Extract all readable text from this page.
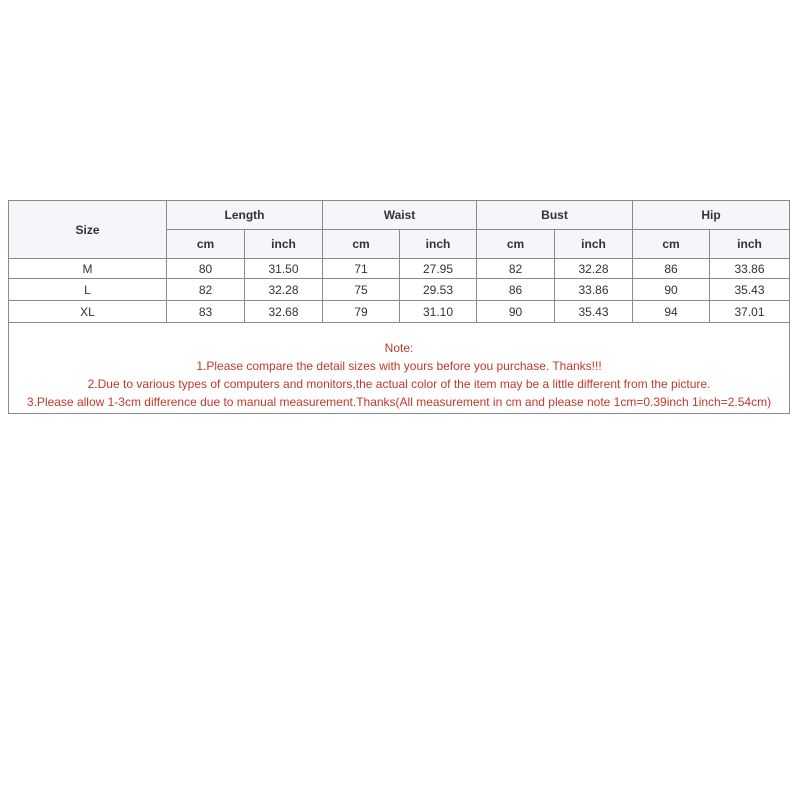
Size	Length		Waist		Bust		Hip	
	cm	inch	cm	inch	cm	inch	cm	inch
M	80	31.50	71	27.95	82	32.28	86	33.86
L	82	32.28	75	29.53	86	33.86	90	35.43
XL	83	32.68	79	31.10	90	35.43	94	37.01

Note:
1.Please compare the detail sizes with yours before you purchase. Thanks!!!
2.Due to various types of computers and monitors,the actual color of the item may be a little different from the picture.
3.Please allow 1-3cm difference due to manual measurement.Thanks(All measurement in cm and please note 1cm=0.39inch 1inch=2.54cm)								
